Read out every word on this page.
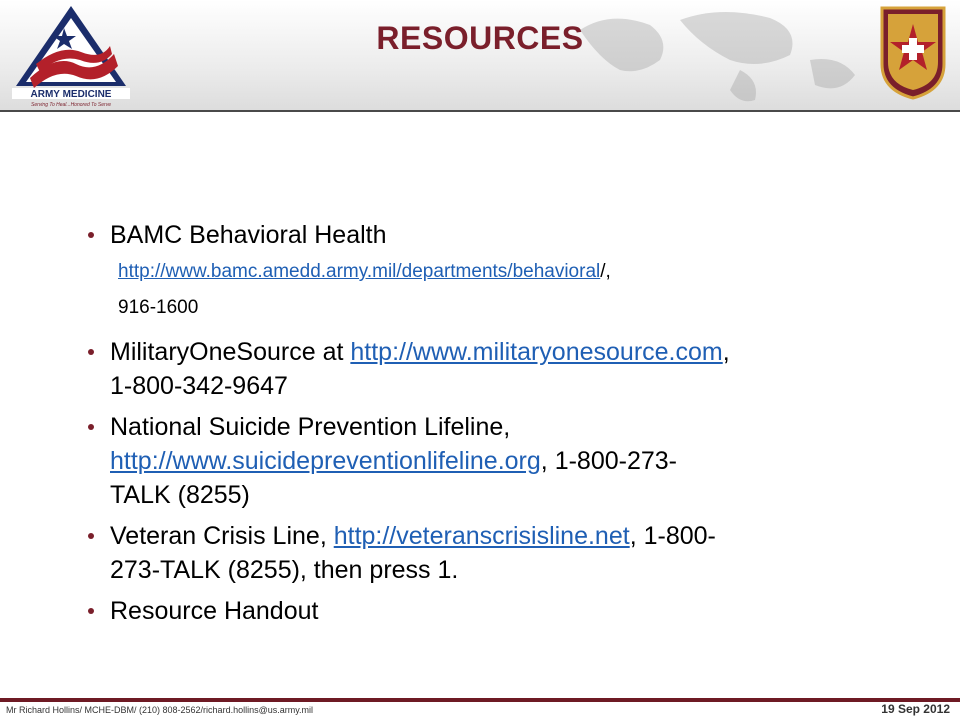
ARMY MEDICINE
Serving To Heal...Honored To Serve
RESOURCES
BAMC Behavioral Health
http://www.bamc.amedd.army.mil/departments/behavioral/,
916-1600
MilitaryOneSource at http://www.militaryonesource.com,
1-800-342-9647
National Suicide Prevention Lifeline,
http://www.suicidepreventionlifeline.org, 1-800-273-
TALK (8255)
Veteran Crisis Line, http://veteranscrisisline.net, 1-800-
273-TALK (8255), then press 1.
Resource Handout
Mr Richard Hollins/ MCHE-DBM/ (210) 808-2562/richard.hollins@us.army.mil	19 Sep 2012
